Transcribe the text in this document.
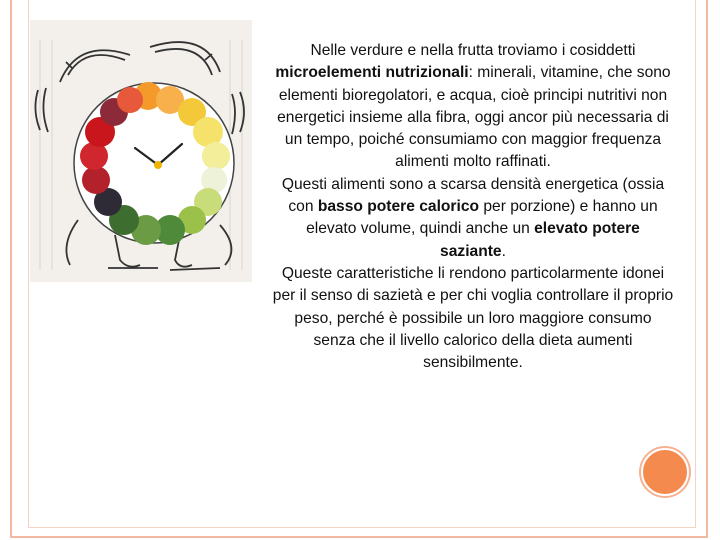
Nelle verdure e nella frutta troviamo i cosiddetti microelementi nutrizionali: minerali, vitamine, che sono elementi bioregolatori, e acqua, cioè principi nutritivi non energetici insieme alla fibra, oggi ancor più necessaria di un tempo, poiché consumiamo con maggior frequenza alimenti molto raffinati.

Questi alimenti sono a scarsa densità energetica (ossia con basso potere calorico per porzione) e hanno un elevato volume, quindi anche un elevato potere saziante.

Queste caratteristiche li rendono particolarmente idonei per il senso di sazietà e per chi voglia controllare il proprio peso, perché è possibile un loro maggiore consumo senza che il livello calorico della dieta aumenti sensibilmente.
